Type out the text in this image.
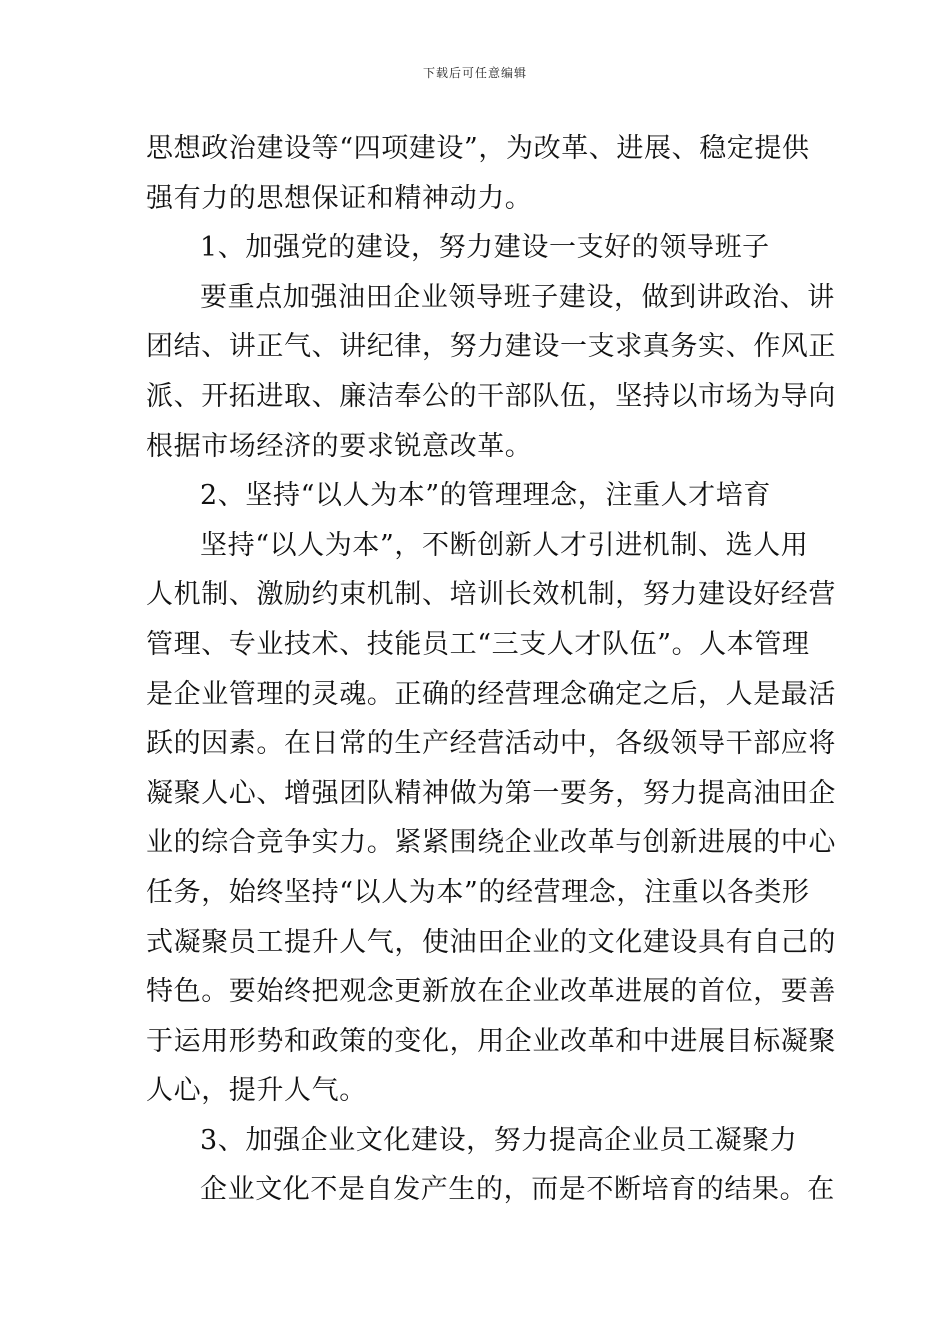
下载后可任意编辑
思想政治建设等“四项建设”，为改革、进展、稳定提供
强有力的思想保证和精神动力。
1、加强党的建设，努力建设一支好的领导班子
要重点加强油田企业领导班子建设，做到讲政治、讲
团结、讲正气、讲纪律，努力建设一支求真务实、作风正
派、开拓进取、廉洁奉公的干部队伍，坚持以市场为导向
根据市场经济的要求锐意改革。
2、坚持“以人为本”的管理理念，注重人才培育
坚持“以人为本”，不断创新人才引进机制、选人用
人机制、激励约束机制、培训长效机制，努力建设好经营
管理、专业技术、技能员工“三支人才队伍”。人本管理
是企业管理的灵魂。正确的经营理念确定之后，人是最活
跃的因素。在日常的生产经营活动中，各级领导干部应将
凝聚人心、增强团队精神做为第一要务，努力提高油田企
业的综合竞争实力。紧紧围绕企业改革与创新进展的中心
任务，始终坚持“以人为本”的经营理念，注重以各类形
式凝聚员工提升人气，使油田企业的文化建设具有自己的
特色。要始终把观念更新放在企业改革进展的首位，要善
于运用形势和政策的变化，用企业改革和中进展目标凝聚
人心，提升人气。
3、加强企业文化建设，努力提高企业员工凝聚力
企业文化不是自发产生的，而是不断培育的结果。在
